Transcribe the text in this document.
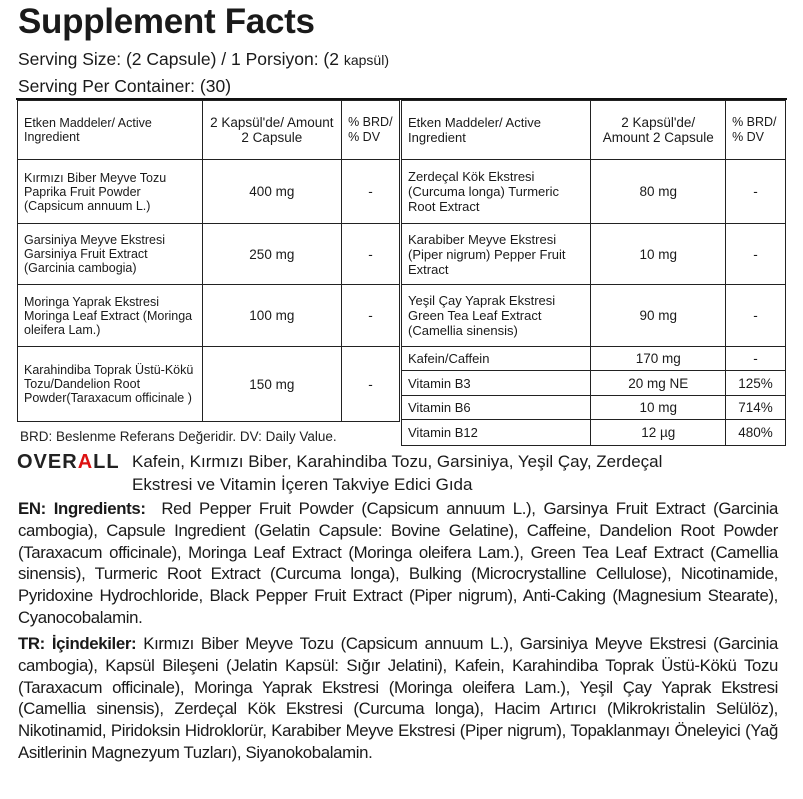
Supplement Facts
Serving Size: (2 Capsule) / 1 Porsiyon: (2 kapsül)
Serving Per Container: (30)
Etken Maddeler/ Active Ingredient	2 Kapsül'de/ Amount 2 Capsule	% BRD/ % DV
Kırmızı Biber Meyve Tozu Paprika Fruit Powder (Capsicum annuum L.)	400 mg	-
Garsiniya Meyve Ekstresi Garsiniya Fruit Extract (Garcinia cambogia)	250 mg	-
Moringa Yaprak Ekstresi Moringa Leaf Extract (Moringa oleifera Lam.)	100 mg	-
Karahindiba Toprak Üstü-Kökü Tozu/Dandelion Root Powder(Taraxacum officinale )	150 mg	-
BRD: Beslenme Referans Değeridir. DV: Daily Value.
Etken Maddeler/ Active Ingredient	2 Kapsül'de/ Amount 2 Capsule	% BRD/ % DV
Zerdeçal Kök Ekstresi (Curcuma longa) Turmeric Root Extract	80 mg	-
Karabiber Meyve Ekstresi (Piper nigrum) Pepper Fruit Extract	10 mg	-
Yeşil Çay Yaprak Ekstresi Green Tea Leaf Extract (Camellia sinensis)	90 mg	-
Kafein/Caffein	170 mg	-
Vitamin B3	20 mg NE	125%
Vitamin B6	10 mg	714%
Vitamin B12	12 µg	480%
OVERALL Kafein, Kırmızı Biber, Karahindiba Tozu, Garsiniya, Yeşil Çay, Zerdeçal
Ekstresi ve Vitamin İçeren Takviye Edici Gıda
EN: Ingredients: Red Pepper Fruit Powder (Capsicum annuum L.), Garsinya Fruit Extract (Garcinia cambogia), Capsule Ingredient (Gelatin Capsule: Bovine Gelatine), Caffeine, Dandelion Root Powder (Taraxacum officinale), Moringa Leaf Extract (Moringa oleifera Lam.), Green Tea Leaf Extract (Camellia sinensis), Turmeric Root Extract (Curcuma longa), Bulking (Microcrystalline Cellulose), Nicotinamide, Pyridoxine Hydrochloride, Black Pepper Fruit Extract (Piper nigrum), Anti-Caking (Magnesium Stearate), Cyanocobalamin.
TR: İçindekiler: Kırmızı Biber Meyve Tozu (Capsicum annuum L.), Garsiniya Meyve Ekstresi (Garcinia cambogia), Kapsül Bileşeni (Jelatin Kapsül: Sığır Jelatini), Kafein, Karahindiba Toprak Üstü-Kökü Tozu (Taraxacum officinale), Moringa Yaprak Ekstresi (Moringa oleifera Lam.), Yeşil Çay Yaprak Ekstresi (Camellia sinensis), Zerdeçal Kök Ekstresi (Curcuma longa), Hacim Artırıcı (Mikrokristalin Selülöz), Nikotinamid, Piridoksin Hidroklorür, Karabiber Meyve Ekstresi (Piper nigrum), Topaklanmayı Öneleyici (Yağ Asitlerinin Magnezyum Tuzları), Siyanokobalamin.
